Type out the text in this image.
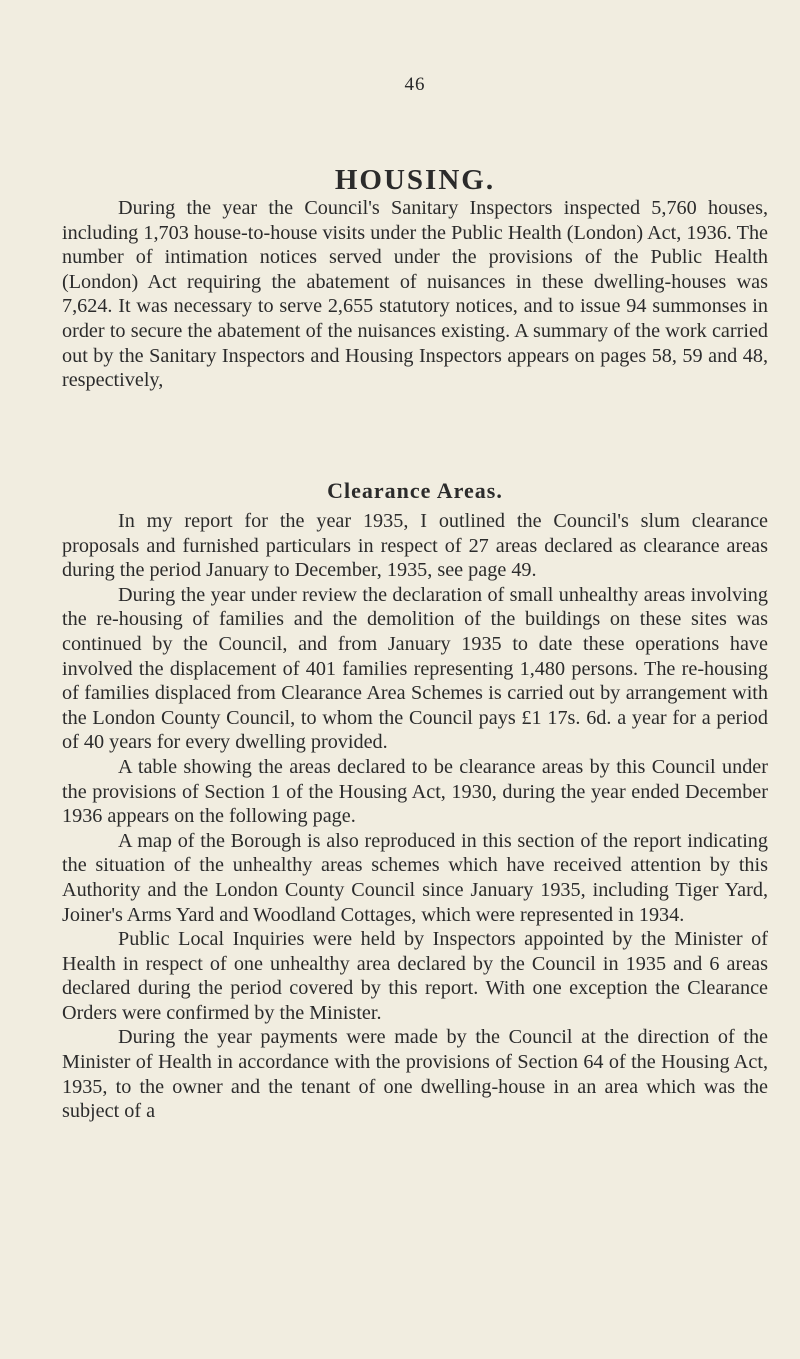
46
HOUSING.

During the year the Council's Sanitary Inspectors inspected 5,760 houses, including 1,703 house-to-house visits under the Public Health (London) Act, 1936. The number of intimation notices served under the provisions of the Public Health (London) Act requiring the abatement of nuisances in these dwelling-houses was 7,624. It was necessary to serve 2,655 statutory notices, and to issue 94 summonses in order to secure the abatement of the nuisances existing. A summary of the work carried out by the Sanitary Inspectors and Housing Inspectors appears on pages 58, 59 and 48, respectively,

Clearance Areas.

In my report for the year 1935, I outlined the Council's slum clearance proposals and furnished particulars in respect of 27 areas declared as clearance areas during the period January to December, 1935, see page 49.

During the year under review the declaration of small unhealthy areas involving the re-housing of families and the demolition of the buildings on these sites was continued by the Council, and from January 1935 to date these operations have involved the displacement of 401 families representing 1,480 persons. The re-housing of families displaced from Clearance Area Schemes is carried out by arrangement with the London County Council, to whom the Council pays £1 17s. 6d. a year for a period of 40 years for every dwelling provided.

A table showing the areas declared to be clearance areas by this Council under the provisions of Section 1 of the Housing Act, 1930, during the year ended December 1936 appears on the following page.

A map of the Borough is also reproduced in this section of the report indicating the situation of the unhealthy areas schemes which have received attention by this Authority and the London County Council since January 1935, including Tiger Yard, Joiner's Arms Yard and Woodland Cottages, which were represented in 1934.

Public Local Inquiries were held by Inspectors appointed by the Minister of Health in respect of one unhealthy area declared by the Council in 1935 and 6 areas declared during the period covered by this report. With one exception the Clearance Orders were confirmed by the Minister.

During the year payments were made by the Council at the direction of the Minister of Health in accordance with the provisions of Section 64 of the Housing Act, 1935, to the owner and the tenant of one dwelling-house in an area which was the subject of a
